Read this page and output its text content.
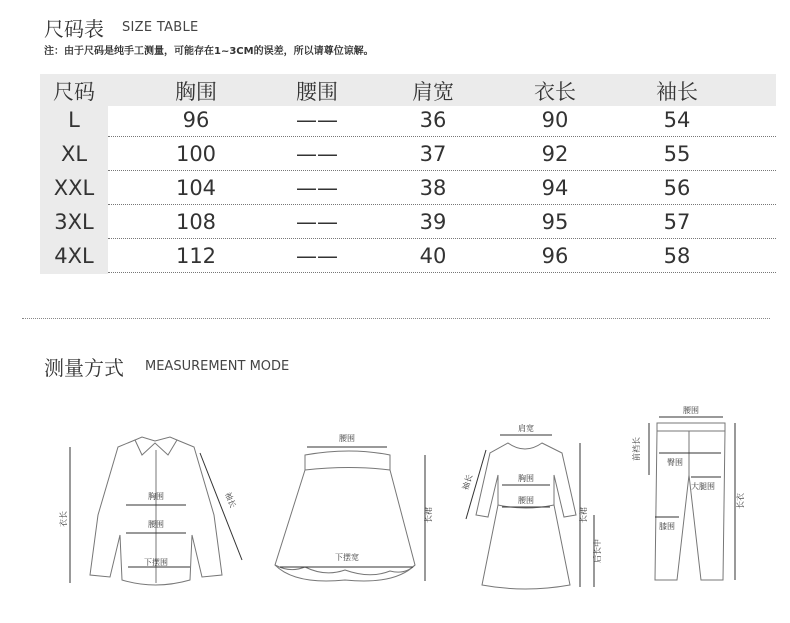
尺码表 SIZE TABLE
注：由于尺码是纯手工测量，可能存在1~3CM的误差，所以请尊位谅解。
尺码	胸围	腰围	肩宽	衣长	袖长
L	96	——	36	90	54
XL	100	——	37	92	55
XXL	104	——	38	94	56
3XL	108	——	39	95	57
4XL	112	——	40	96	58
测量方式 MEASUREMENT MODE
胸围
腰围
下摆围
衣长
袖长
腰围
长裙
下摆宽
肩宽
胸围
腰围
袖长
长裙
后长中
腰围
前裆长
臀围
大腿围
膝围
长衣
